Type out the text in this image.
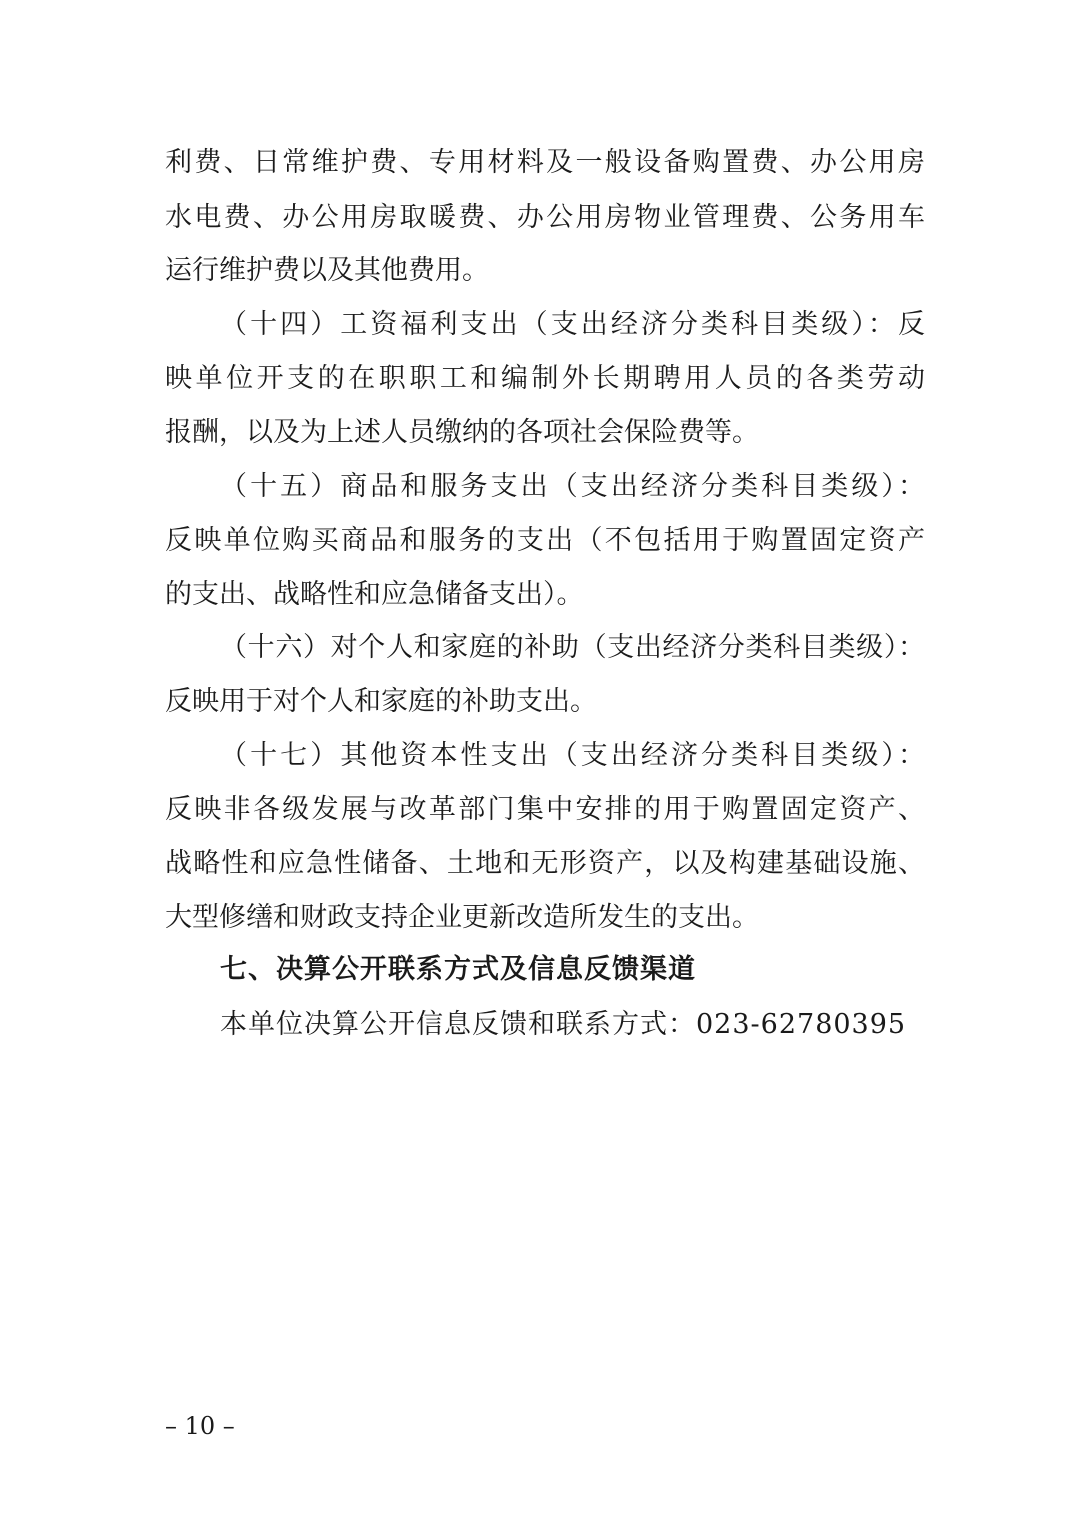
利费、日常维护费、专用材料及一般设备购置费、办公用房
水电费、办公用房取暖费、办公用房物业管理费、公务用车
运行维护费以及其他费用。
（十四）工资福利支出（支出经济分类科目类级）：反
映单位开支的在职职工和编制外长期聘用人员的各类劳动
报酬，以及为上述人员缴纳的各项社会保险费等。
（十五）商品和服务支出（支出经济分类科目类级）：
反映单位购买商品和服务的支出（不包括用于购置固定资产
的支出、战略性和应急储备支出）。
（十六）对个人和家庭的补助（支出经济分类科目类级）：
反映用于对个人和家庭的补助支出。
（十七）其他资本性支出（支出经济分类科目类级）：
反映非各级发展与改革部门集中安排的用于购置固定资产、
战略性和应急性储备、土地和无形资产，以及构建基础设施、
大型修缮和财政支持企业更新改造所发生的支出。
七、决算公开联系方式及信息反馈渠道
本单位决算公开信息反馈和联系方式：023-62780395
– 10 –
